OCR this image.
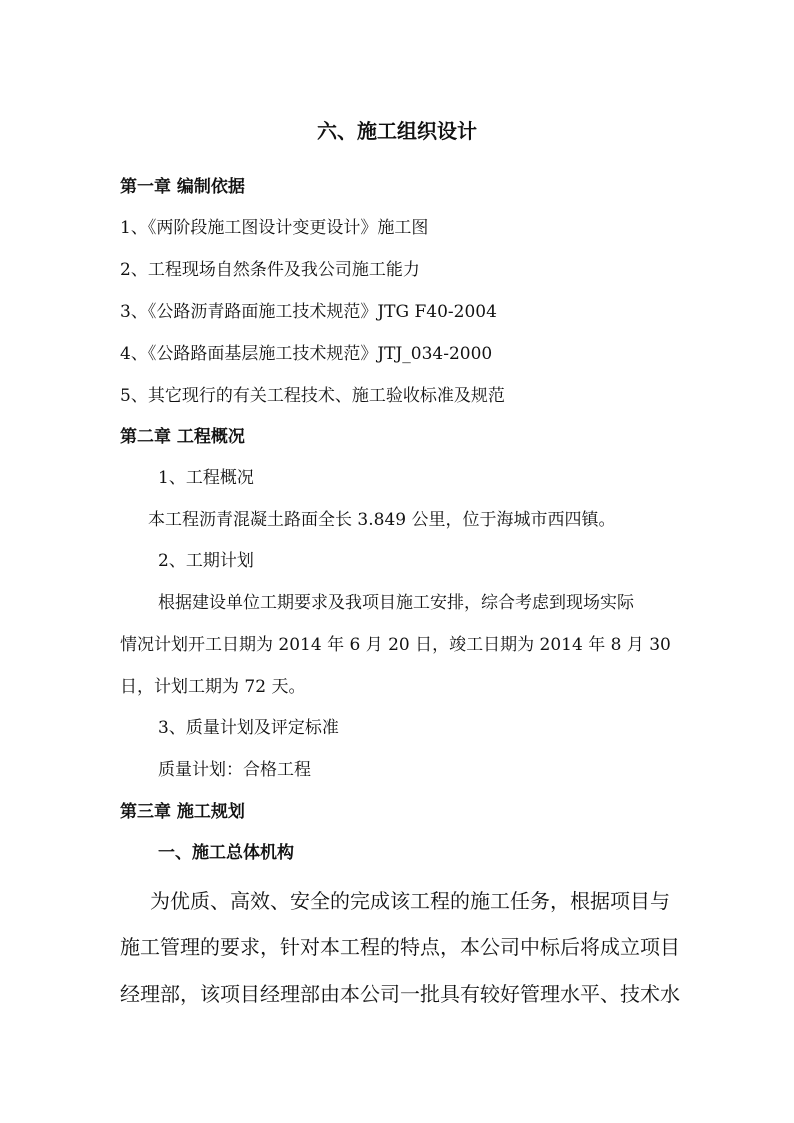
六、施工组织设计
第一章 编制依据
1、《两阶段施工图设计变更设计》施工图
2、工程现场自然条件及我公司施工能力
3、《公路沥青路面施工技术规范》JTG F40-2004
4、《公路路面基层施工技术规范》JTJ_034-2000
5、其它现行的有关工程技术、施工验收标准及规范
第二章 工程概况
1、工程概况
本工程沥青混凝土路面全长 3.849 公里，位于海城市西四镇。
2、工期计划
根据建设单位工期要求及我项目施工安排，综合考虑到现场实际
情况计划开工日期为 2014 年 6 月 20 日，竣工日期为 2014 年 8 月 30
日，计划工期为 72 天。
3、质量计划及评定标准
质量计划：合格工程
第三章 施工规划
一、施工总体机构
为优质、高效、安全的完成该工程的施工任务，根据项目与
施工管理的要求，针对本工程的特点，本公司中标后将成立项目
经理部，该项目经理部由本公司一批具有较好管理水平、技术水
